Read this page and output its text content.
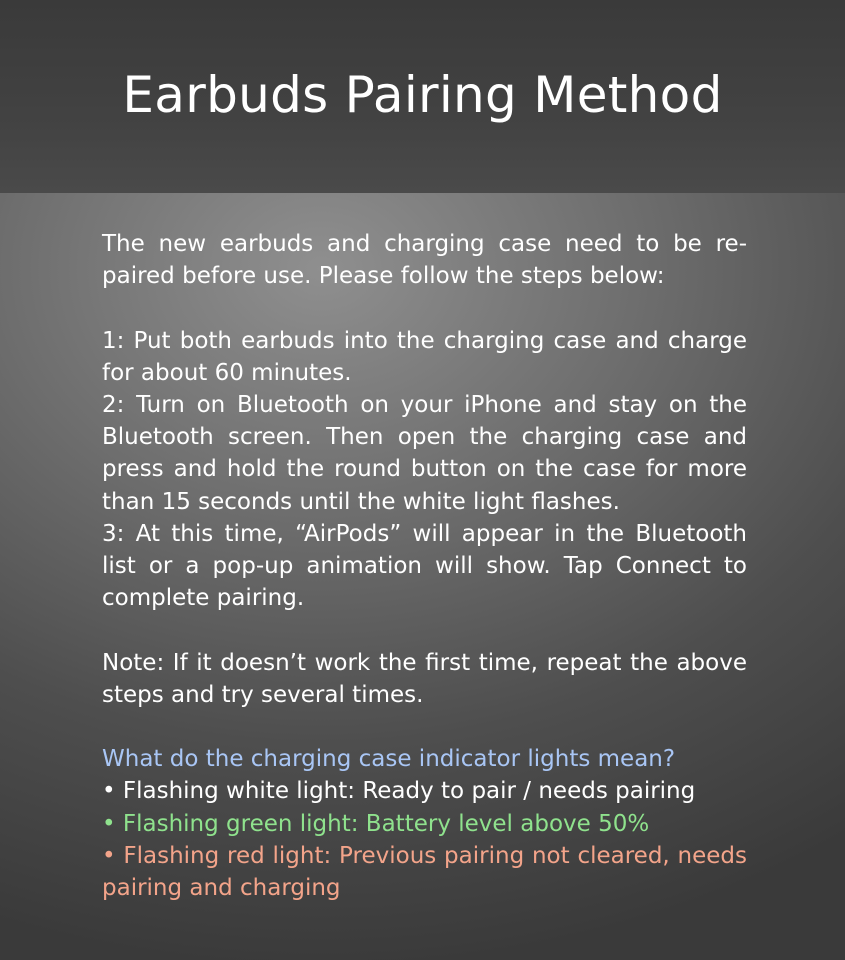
Earbuds Pairing Method

The new earbuds and charging case need to be re-paired before use. Please follow the steps below:

1: Put both earbuds into the charging case and charge for about 60 minutes.

2: Turn on Bluetooth on your iPhone and stay on the Bluetooth screen. Then open the charging case and press and hold the round button on the case for more than 15 seconds until the white light flashes.

3: At this time, “AirPods” will appear in the Bluetooth list or a pop-up animation will show. Tap Connect to complete pairing.

Note: If it doesn’t work the first time, repeat the above steps and try several times.

What do the charging case indicator lights mean?

• Flashing white light: Ready to pair / needs pairing

• Flashing green light: Battery level above 50%

• Flashing red light: Previous pairing not cleared, needs pairing and charging
